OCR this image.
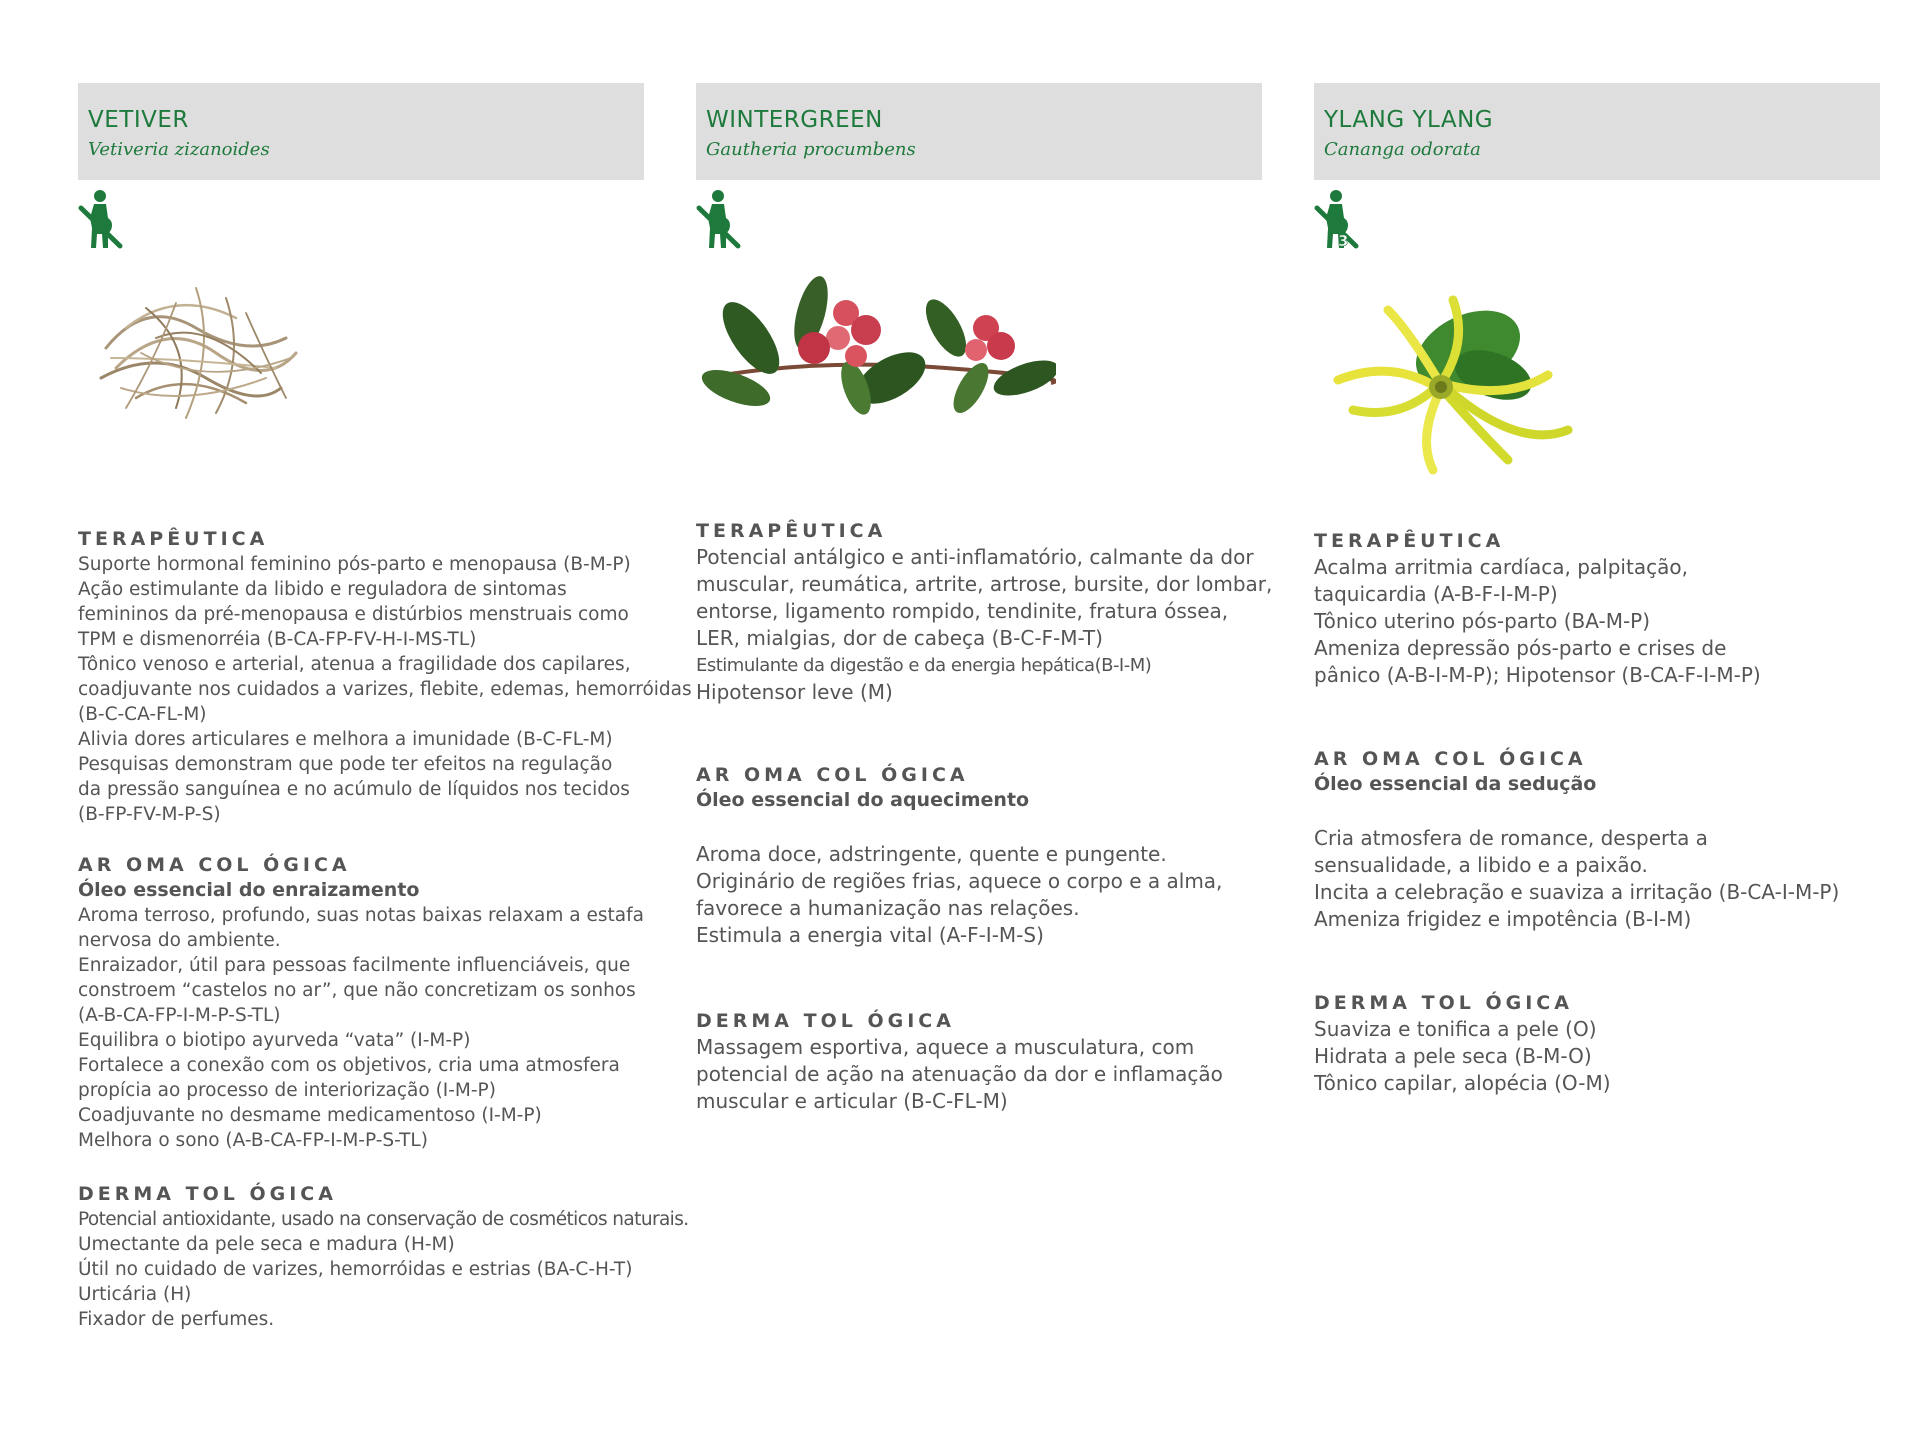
VETIVER
Vetiveria zizanoides

TERAPÊUTICA

Suporte hormonal feminino pós-parto e menopausa (B-M-P)

Ação estimulante da libido e reguladora de sintomas

femininos da pré-menopausa e distúrbios menstruais como

TPM e dismenorréia (B-CA-FP-FV-H-I-MS-TL)

Tônico venoso e arterial, atenua a fragilidade dos capilares,

coadjuvante nos cuidados a varizes, flebite, edemas, hemorróidas

(B-C-CA-FL-M)

Alivia dores articulares e melhora a imunidade (B-C-FL-M)

Pesquisas demonstram que pode ter efeitos na regulação

da pressão sanguínea e no acúmulo de líquidos nos tecidos

(B-FP-FV-M-P-S)

AR OMA COL ÓGICA

Óleo essencial do enraizamento

Aroma terroso, profundo, suas notas baixas relaxam a estafa

nervosa do ambiente.

Enraizador, útil para pessoas facilmente influenciáveis, que

constroem “castelos no ar”, que não concretizam os sonhos

(A-B-CA-FP-I-M-P-S-TL)

Equilibra o biotipo ayurveda “vata” (I-M-P)

Fortalece a conexão com os objetivos, cria uma atmosfera

propícia ao processo de interiorização (I-M-P)

Coadjuvante no desmame medicamentoso (I-M-P)

Melhora o sono (A-B-CA-FP-I-M-P-S-TL)

DERMA TOL ÓGICA

Potencial antioxidante, usado na conservação de cosméticos naturais.

Umectante da pele seca e madura (H-M)

Útil no cuidado de varizes, hemorróidas e estrias (BA-C-H-T)

Urticária (H)

Fixador de perfumes.

WINTERGREEN
Gautheria procumbens

TERAPÊUTICA

Potencial antálgico e anti-inflamatório, calmante da dor

muscular, reumática, artrite, artrose, bursite, dor lombar,

entorse, ligamento rompido, tendinite, fratura óssea,

LER, mialgias, dor de cabeça (B-C-F-M-T)

Estimulante da digestão e da energia hepática(B-I-M)

Hipotensor leve (M)

AR OMA COL ÓGICA

Óleo essencial do aquecimento

Aroma doce, adstringente, quente e pungente.

Originário de regiões frias, aquece o corpo e a alma,

favorece a humanização nas relações.

Estimula a energia vital (A-F-I-M-S)

DERMA TOL ÓGICA

Massagem esportiva, aquece a musculatura, com

potencial de ação na atenuação da dor e inflamação

muscular e articular (B-C-FL-M)

YLANG YLANG
Cananga odorata
3

TERAPÊUTICA

Acalma arritmia cardíaca, palpitação,

taquicardia (A-B-F-I-M-P)

Tônico uterino pós-parto (BA-M-P)

Ameniza depressão pós-parto e crises de

pânico (A-B-I-M-P); Hipotensor (B-CA-F-I-M-P)

AR OMA COL ÓGICA

Óleo essencial da sedução

Cria atmosfera de romance, desperta a

sensualidade, a libido e a paixão.

Incita a celebração e suaviza a irritação (B-CA-I-M-P)

Ameniza frigidez e impotência (B-I-M)

DERMA TOL ÓGICA

Suaviza e tonifica a pele (O)

Hidrata a pele seca (B-M-O)

Tônico capilar, alopécia (O-M)
